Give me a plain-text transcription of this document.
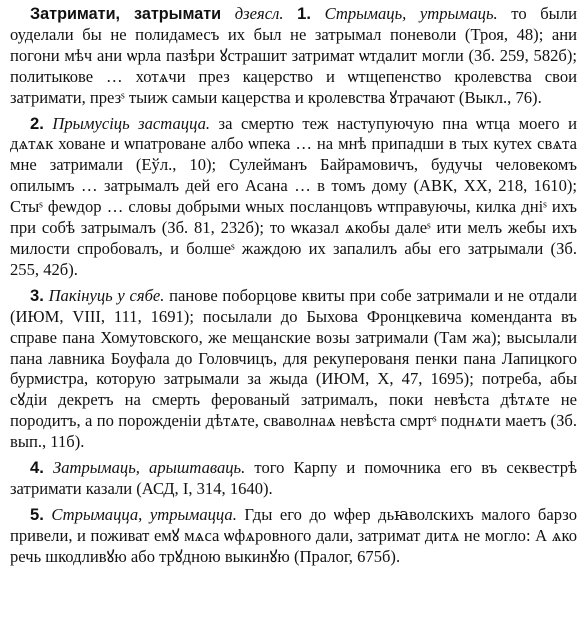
Затримати, затрымати дзеясл. 1. Стрымаць, утрымаць. то были оуделали бы не полидамесъ их был не затрымал поневоли (Троя, 48); ани погони мѣч ани ѡрла пазѣри ꙋстрашит затримат ѡтдалит могли (Зб. 259, 582б); политыкове … хотѧчи през кацерство и ѡтщепенство кролевства свои затримати, презˢ тыиж самыи кацерства и кролевства ꙋтрачают (Выкл., 76).

2. Прымусіць застацца. за смертю теж наступуючую пна ѡтца моего и дѧтѧк ховане и ѡпатроване албо ѡпека … на мнѣ припадши в тых кутех свѧта мне затримали (Еўл., 10); Сулейманъ Байрамовичъ, будучы человекомъ опилымъ … затрымалъ дей его Асана … в томъ дому (АВК, XX, 218, 1610); Стыˢ феѡдор … словы добрыми ѡных посланцовъ ѡтправуючы, килка днiˢ ихъ при собѣ затрымалъ (Зб. 81, 232б); то ѡказал ѧкобы далеˢ ити мелъ жебы ихъ милости спробовалъ, и болшеˢ жаждою их запалилъ абы его затрымали (Зб. 255, 42б).

3. Пакінуць у сябе. панове поборцове квиты при собе затримали и не отдали (ИЮМ, VIII, 111, 1691); посылали до Быхова Фронцкевича коменданта въ справе пана Хомутовского, же мещанские возы затримали (Там жа); высылали пана лавника Боуфала до Головчицъ, для рекуперованя пенки пана Лапицкого бурмистра, которую затрымали за жыда (ИЮМ, X, 47, 1695); потреба, абы сꙋдiи декретъ на смерть ферованый затрималъ, поки невѣста дѣтѧте не породитъ, а по порожденiи дѣтѧте, сваволнаѧ невѣста смртˢ поднѧти маетъ (Зб. вып., 11б).

4. Затрымаць, арыштаваць. того Карпу и помочника его въ секвестрѣ затримати казали (АСД, I, 314, 1640).

5. Стрымацца, утрымацца. Гды его до ѡфер дьꙗволскихъ малого барзо привели, и поживат емꙋ мѧса ѡфѧровного дали, затримат дитѧ не могло: А ѧко речь шкодливꙋю або трꙋдною выкинꙋю (Пралог, 675б).
